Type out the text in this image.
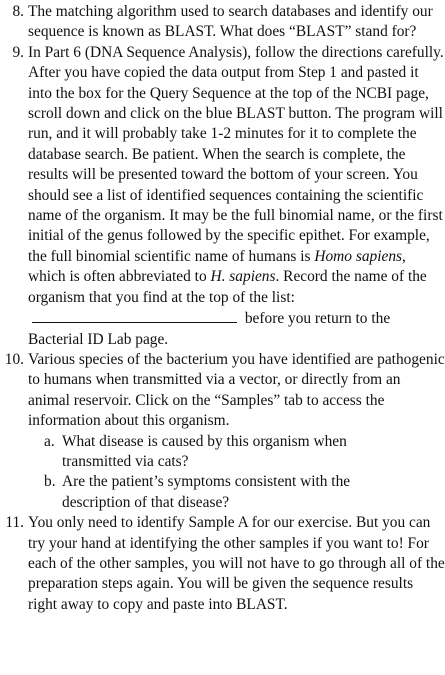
8. The matching algorithm used to search databases and identify our sequence is known as BLAST. What does “BLAST” stand for?

9. In Part 6 (DNA Sequence Analysis), follow the directions carefully. After you have copied the data output from Step 1 and pasted it into the box for the Query Sequence at the top of the NCBI page, scroll down and click on the blue BLAST button. The program will run, and it will probably take 1-2 minutes for it to complete the database search. Be patient. When the search is complete, the results will be presented toward the bottom of your screen. You should see a list of identified sequences containing the scientific name of the organism. It may be the full binomial name, or the first initial of the genus followed by the specific epithet. For example, the full binomial scientific name of humans is Homo sapiens, which is often abbreviated to H. sapiens. Record the name of the organism that you find at the top of the list:  before you return to the Bacterial ID Lab page.

10. Various species of the bacterium you have identified are pathogenic to humans when transmitted via a vector, or directly from an animal reservoir. Click on the “Samples” tab to access the information about this organism.

a. What disease is caused by this organism when transmitted via cats?
b. Are the patient’s symptoms consistent with the description of that disease?
11. You only need to identify Sample A for our exercise. But you can try your hand at identifying the other samples if you want to! For each of the other samples, you will not have to go through all of the preparation steps again. You will be given the sequence results right away to copy and paste into BLAST.
